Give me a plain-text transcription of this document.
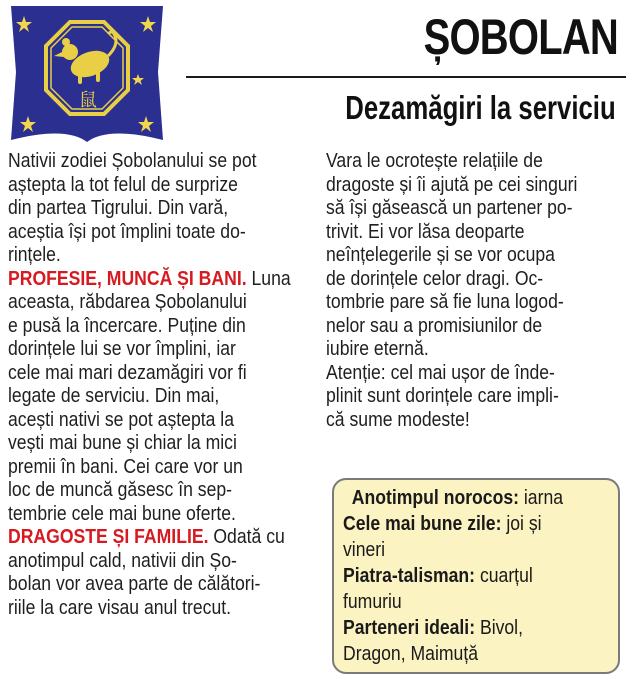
鼠
ȘOBOLAN
Dezamăgiri la serviciu

Nativii zodiei Șobolanului se pot
aștepta la tot felul de surprize
din partea Tigrului. Din vară,
aceștia își pot împlini toate do-
rințele.

PROFESIE, MUNCĂ ȘI BANI. Luna
aceasta, răbdarea Șobolanului
e pusă la încercare. Puține din
dorințele lui se vor împlini, iar
cele mai mari dezamăgiri vor fi
legate de serviciu. Din mai,
acești nativi se pot aștepta la
vești mai bune și chiar la mici
premii în bani. Cei care vor un
loc de muncă găsesc în sep-
tembrie cele mai bune oferte.

DRAGOSTE ȘI FAMILIE. Odată cu
anotimpul cald, nativii din Șo-
bolan vor avea parte de călători-
riile la care visau anul trecut.

Vara le ocrotește relațiile de
dragoste și îi ajută pe cei singuri
să își găsească un partener po-
trivit. Ei vor lăsa deoparte
neînțelegerile și se vor ocupa
de dorințele celor dragi. Oc-
tombrie pare să fie luna logod-
nelor sau a promisiunilor de
iubire eternă.
Atenție: cel mai ușor de înde-
plinit sunt dorințele care impli-
că sume modeste!

Anotimpul norocos: iarna
Cele mai bune zile: joi și
vineri
Piatra-talisman: cuarțul
fumuriu
Parteneri ideali: Bivol,
Dragon, Maimuță
